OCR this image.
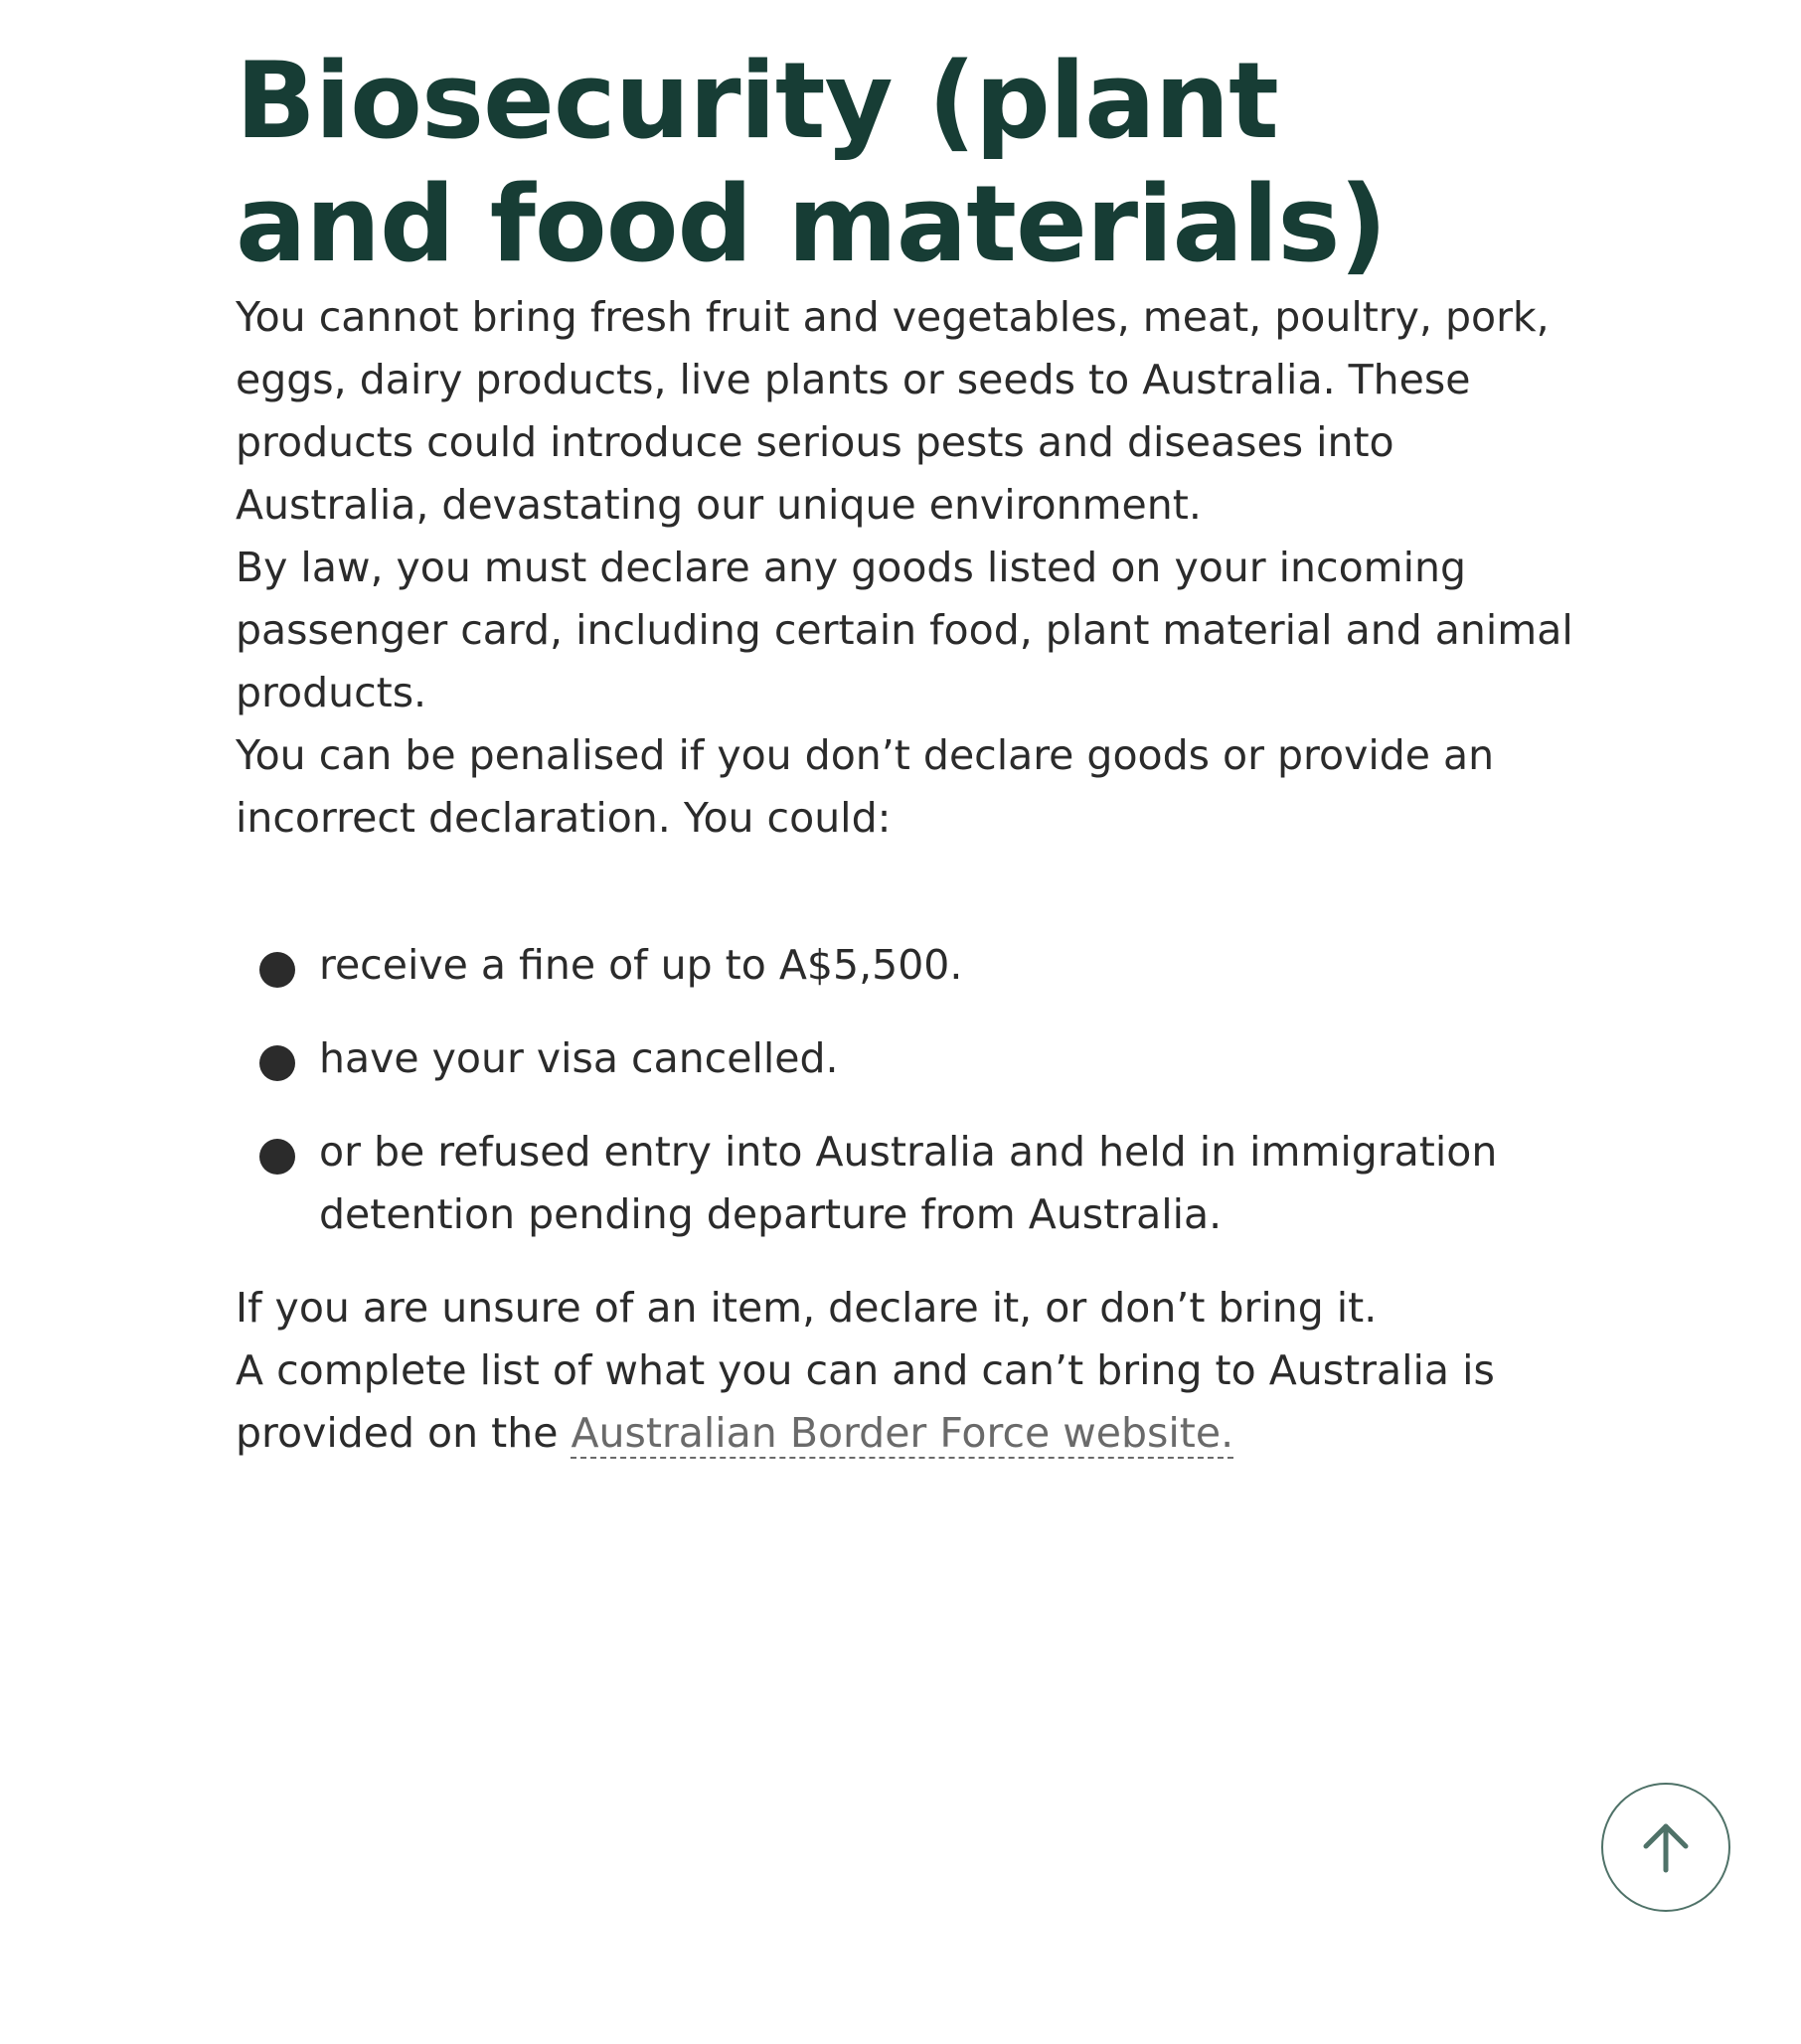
Biosecurity (plant and food materials)

You cannot bring fresh fruit and vegetables, meat, poultry, pork, eggs, dairy products, live plants or seeds to Australia. These products could introduce serious pests and diseases into Australia, devastating our unique environment.

By law, you must declare any goods listed on your incoming passenger card, including certain food, plant material and animal products.

You can be penalised if you don’t declare goods or provide an incorrect declaration. You could:

receive a fine of up to A$5,500.
have your visa cancelled.
or be refused entry into Australia and held in immigration detention pending departure from Australia.

If you are unsure of an item, declare it, or don’t bring it.

A complete list of what you can and can’t bring to Australia is provided on the Australian Border Force website.
